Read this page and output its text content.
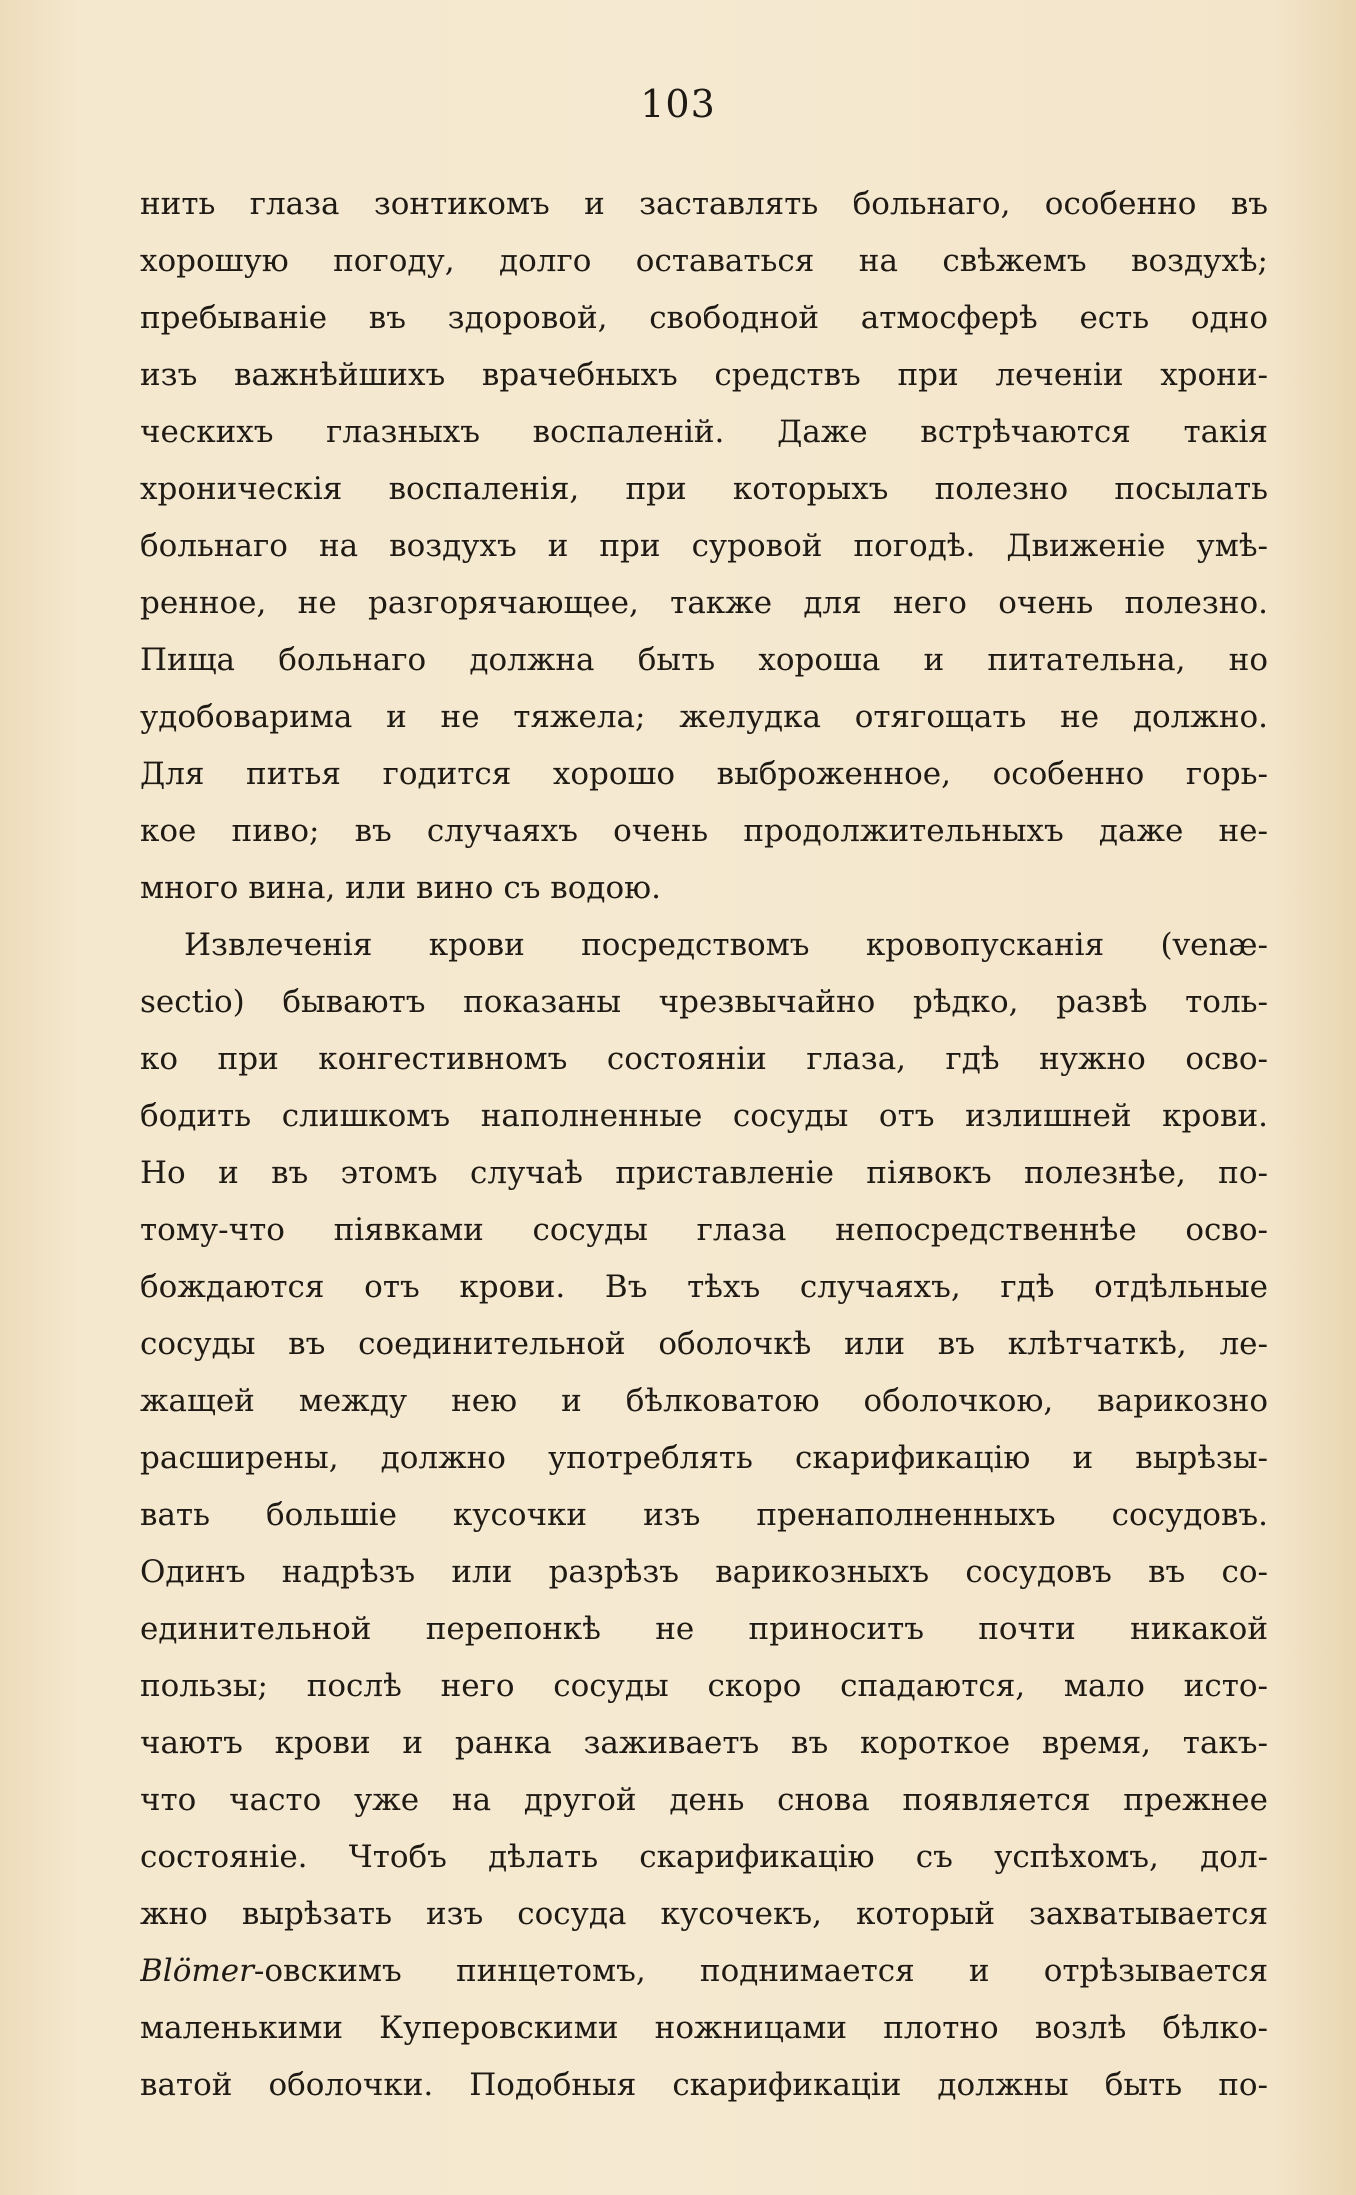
103
нить глаза зонтикомъ и заставлять больнаго, особенно въ
хорошую погоду, долго оставаться на свѣжемъ воздухѣ;
пребываніе въ здоровой, свободной атмосферѣ есть одно
изъ важнѣйшихъ врачебныхъ средствъ при леченіи хрони-
ческихъ глазныхъ воспаленій. Даже встрѣчаются такія
хроническія воспаленія, при которыхъ полезно посылать
больнаго на воздухъ и при суровой погодѣ. Движеніе умѣ-
ренное, не разгорячающее, также для него очень полезно.
Пища больнаго должна быть хороша и питательна, но
удобоварима и не тяжела; желудка отягощать не должно.
Для питья годится хорошо выброженное, особенно горь-
кое пиво; въ случаяхъ очень продолжительныхъ даже не-
много вина, или вино съ водою.
Извлеченія крови посредствомъ кровопусканія (venæ-
sectio) бываютъ показаны чрезвычайно рѣдко, развѣ толь-
ко при конгестивномъ состояніи глаза, гдѣ нужно осво-
бодить слишкомъ наполненные сосуды отъ излишней крови.
Но и въ этомъ случаѣ приставленіе піявокъ полезнѣе, по-
тому-что піявками сосуды глаза непосредственнѣе осво-
бождаются отъ крови. Въ тѣхъ случаяхъ, гдѣ отдѣльные
сосуды въ соединительной оболочкѣ или въ клѣтчаткѣ, ле-
жащей между нею и бѣлковатою оболочкою, варикозно
расширены, должно употреблять скарификацію и вырѣзы-
вать большіе кусочки изъ пренаполненныхъ сосудовъ.
Одинъ надрѣзъ или разрѣзъ варикозныхъ сосудовъ въ со-
единительной перепонкѣ не приноситъ почти никакой
пользы; послѣ него сосуды скоро спадаются, мало исто-
чаютъ крови и ранка заживаетъ въ короткое время, такъ-
что часто уже на другой день снова появляется прежнее
состояніе. Чтобъ дѣлать скарификацію съ успѣхомъ, дол-
жно вырѣзать изъ сосуда кусочекъ, который захватывается
Blömer-овскимъ пинцетомъ, поднимается и отрѣзывается
маленькими Куперовскими ножницами плотно возлѣ бѣлко-
ватой оболочки. Подобныя скарификаціи должны быть по-
